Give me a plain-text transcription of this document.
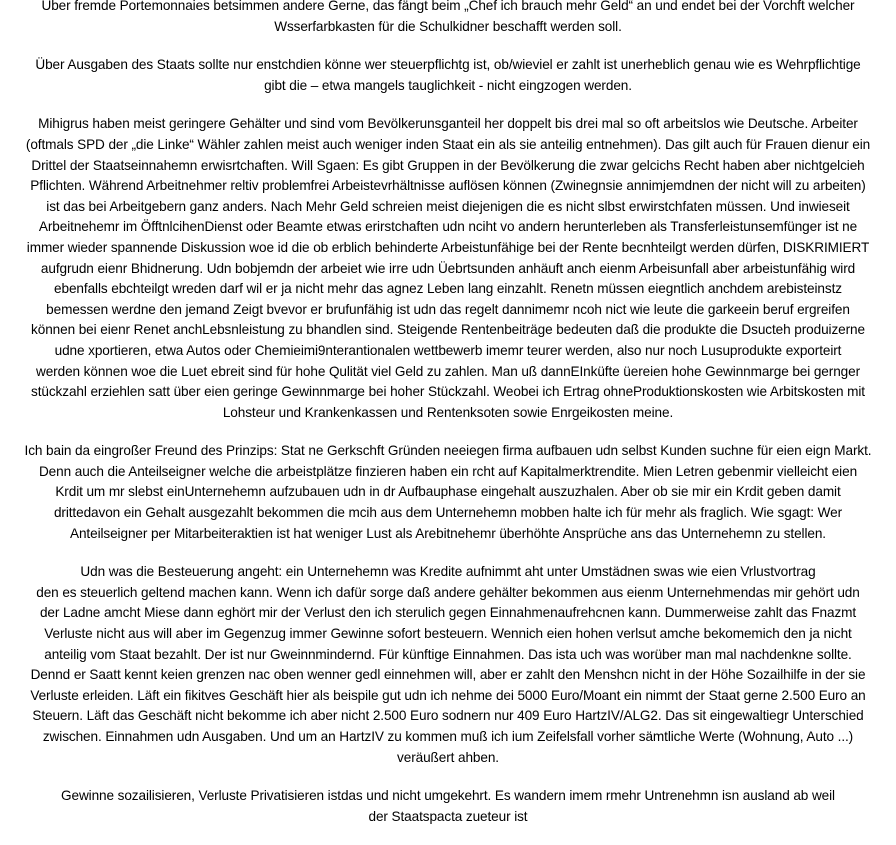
Über fremde Portemonnaies betsimmen andere Gerne, das fängt beim „Chef ich brauch mehr Geld“ an und endet bei der Vorchft welcher
Wsserfarbkasten für die Schulkidner beschafft werden soll.

Über Ausgaben des Staats sollte nur enstchdien könne wer steuerpflichtg ist, ob/wieviel er zahlt ist unerheblich genau wie es Wehrpflichtige
gibt die – etwa mangels tauglichkeit - nicht eingzogen werden.

Mihigrus haben meist geringere Gehälter und sind vom Bevölkerunsganteil her doppelt bis drei mal so oft arbeitslos wie Deutsche. Arbeiter
(oftmals SPD der „die Linke“ Wähler zahlen meist auch weniger inden Staat ein als sie anteilig entnehmen). Das gilt auch für Frauen dienur ein
Drittel der Staatseinnahemn erwisrtchaften. Will Sgaen: Es gibt Gruppen in der Bevölkerung die zwar gelcichs Recht haben aber nichtgelcieh
Pflichten. Während Arbeitnehmer reltiv problemfrei Arbeistevrhältnisse auflösen können (Zwinegnsie annimjemdnen der nicht will zu arbeiten)
ist das bei Arbeitgebern ganz anders. Nach Mehr Geld schreien meist diejenigen die es nicht slbst erwirstchfaten müssen. Und inwieseit
Arbeitnehemr im ÖfftnlcihenDienst oder Beamte etwas erirstchaften udn nciht vo andern herunterleben als Transferleistunsemfünger ist ne
immer wieder spannende Diskussion woe id die ob erblich behinderte Arbeistunfähige bei der Rente becnhteilgt werden dürfen, DISKRIMIERT
aufgrudn eienr Bhidnerung. Udn bobjemdn der arbeiet wie irre udn Üebrtsunden anhäuft anch eienm Arbeisunfall aber arbeistunfähig wird
ebenfalls ebchteilgt wreden darf wil er ja nicht mehr das agnez Leben lang einzahlt. Renetn müssen eiegntlich anchdem arebisteinstz
bemessen werdne den jemand Zeigt bvevor er brufunfähig ist udn das regelt dannimemr ncoh nict wie leute die garkeein beruf ergreifen
können bei eienr Renet anchLebsnleistung zu bhandlen sind. Steigende Rentenbeiträge bedeuten daß die produkte die Dsucteh produizerne
udne xportieren, etwa Autos oder Chemieimi9nterantionalen wettbewerb imemr teurer werden, also nur noch Lusuprodukte exporteirt
werden können woe die Luet ebreit sind für hohe Qulität viel Geld zu zahlen. Man uß dannEInküfte üereien hohe Gewinnmarge bei gernger
stückzahl erziehlen satt über eien geringe Gewinnmarge bei hoher Stückzahl. Weobei ich Ertrag ohneProduktionskosten wie Arbitskosten mit
Lohsteur und Krankenkassen und Rentenksoten sowie Enrgeikosten meine.

Ich bain da eingroßer Freund des Prinzips: Stat ne Gerkschft Gründen neeiegen firma aufbauen udn selbst Kunden suchne für eien eign Markt.
Denn auch die Anteilseigner welche die arbeistplätze finzieren haben ein rcht auf Kapitalmerktrendite. Mien Letren gebenmir vielleicht eien
Krdit um mr slebst einUnternehemn aufzubauen udn in dr Aufbauphase eingehalt auszuzhalen. Aber ob sie mir ein Krdit geben damit
drittedavon ein Gehalt ausgezahlt bekommen die mcih aus dem Unternehemn mobben halte ich für mehr als fraglich. Wie sgagt: Wer
Anteilseigner per Mitarbeiteraktien ist hat weniger Lust als Arebitnehemr überhöhte Ansprüche ans das Unternehemn zu stellen.

Udn was die Besteuerung angeht: ein Unternehemn was Kredite aufnimmt aht unter Umstädnen swas wie eien Vrlustvortrag
den es steuerlich geltend machen kann. Wenn ich dafür sorge daß andere gehälter bekommen aus eienm Unternehmendas mir gehört udn
der Ladne amcht Miese dann eghört mir der Verlust den ich sterulich gegen Einnahmenaufrehcnen kann. Dummerweise zahlt das Fnazmt
Verluste nicht aus will aber im Gegenzug immer Gewinne sofort besteuern. Wennich eien hohen verlsut amche bekomemich den ja nicht
anteilig vom Staat bezahlt. Der ist nur Gweinnmindernd. Für künftige Einnahmen. Das ista uch was worüber man mal nachdenkne sollte.
Dennd er Saatt kennt keien grenzen nac oben wenner gedl einnehmen will, aber er zahlt den Menshcn nicht in der Höhe Sozailhilfe in der sie
Verluste erleiden. Läft ein fikitves Geschäft hier als beispile gut udn ich nehme dei 5000 Euro/Moant ein nimmt der Staat gerne 2.500 Euro an
Steuern. Läft das Geschäft nicht bekomme ich aber nicht 2.500 Euro sodnern nur 409 Euro HartzIV/ALG2. Das sit eingewaltiegr Unterschied
zwischen. Einnahmen udn Ausgaben. Und um an HartzIV zu kommen muß ich ium Zeifelsfall vorher sämtliche Werte (Wohnung, Auto ...)
veräußert ahben.

Gewinne sozailisieren, Verluste Privatisieren istdas und nicht umgekehrt. Es wandern imem rmehr Untrenehmn isn ausland ab weil
der Staatspacta zueteur ist
